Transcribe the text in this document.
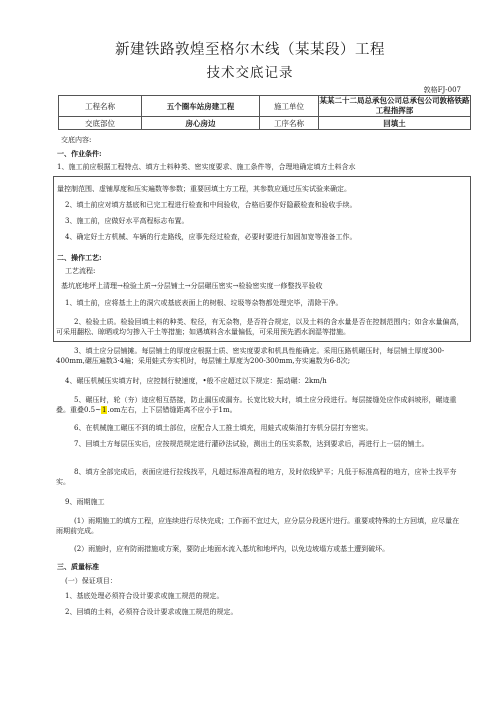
新建铁路敦煌至格尔木线（某某段）工程
技术交底记录
敦格FJ-007
工程名称	五个圈车站房建工程	施工单位	某某二十二局总承包公司总承包公司敦格铁路工程指挥部

交底部位	房心房边	工序名称	回填土
交底内容:
一、作业条件:
1、施工前应根据工程特点、填方土料种类、密实度要求、施工条件等，合理地确定填方土料含水
量控制范围、虚铺厚度和压实遍数等参数；重要回填土方工程，其参数应通过压实试验来确定。
2、填土前应对填方基底和已完工程进行检查和中间验收，合格后要作好隐蔽检查和验收手续。
3、施工前，应做好水平高程标志布置。
4、确定好土方机械、车辆的行走路线，应事先经过检查，必要时要进行加固加宽等准备工作。
二、操作工艺:
工艺流程:
基坑底地坪上清理→检验土质→分层铺土→分层碾压密实→检验密实度一修整找平验收
1、填土前，应将基土上的洞穴或基底表面上的树根、垃圾等杂物都处理完毕，清除干净。
2、检验土质。检验回填土料的种类、粒径，有无杂物，是否符合规定，以及土料的含水量是否在控制范围内；如含水量偏高，可采用翻松、晾晒或均匀掺入干土等措施；如遇填料含水量偏低，可采用预先洒水润湿等措施。
3、填土应分层铺摊。每层铺土的厚度应根据土质、密实度要求和机具性能确定。采用压路机碾压时，每层铺土厚度300-400mm,碾压遍数3·4遍；采用蛙式夯实机时，每层铺土厚度为200-300mm,夯实遍数为6·8次;
4、碾压机械压实填方时，应控制行驶速度，•般不应超过以下规定：振动碾：2km/h
5、碾压时，轮（夯）迹应相互搭接，防止漏压或漏夯。长宽比较大时，填土应分段进行。每层接缝处应作成斜坡形，碾迹重叠。重叠0.5~1.om左右，上下层错缝距离不应小于1m。
6、在机械施工碾压不到的填土部位，应配合人工推土填充，用蛙式或柴油打夯机分层打夯密实。
7、回填土方每层压实后，应按规范规定进行灌砂法试验，测出土的压实系数，达到要求后，再进行上一层的铺土。
8、填方全部完成后，表面应进行拉线找平，凡超过标准高程的地方，及时依线铲平；凡低于标准高程的地方，应补土找平夯实。
9、雨期施工
(1）雨期施工的填方工程，应连续进行尽快完成；工作面不宜过大，应分层分段逐片进行。重要或特殊的土方回填，应尽量在雨期前完成。
(2）雨施时，应有防雨措施或方案，要防止地面水流入基坑和地坪内，以免边坡塌方或基土遭到破坏。
三、质量标准
(一）保证项目：
1、基底处理必须符合设计要求或施工规范的规定。
2、回填的土料，必须符合设计要求或施工规范的规定。
